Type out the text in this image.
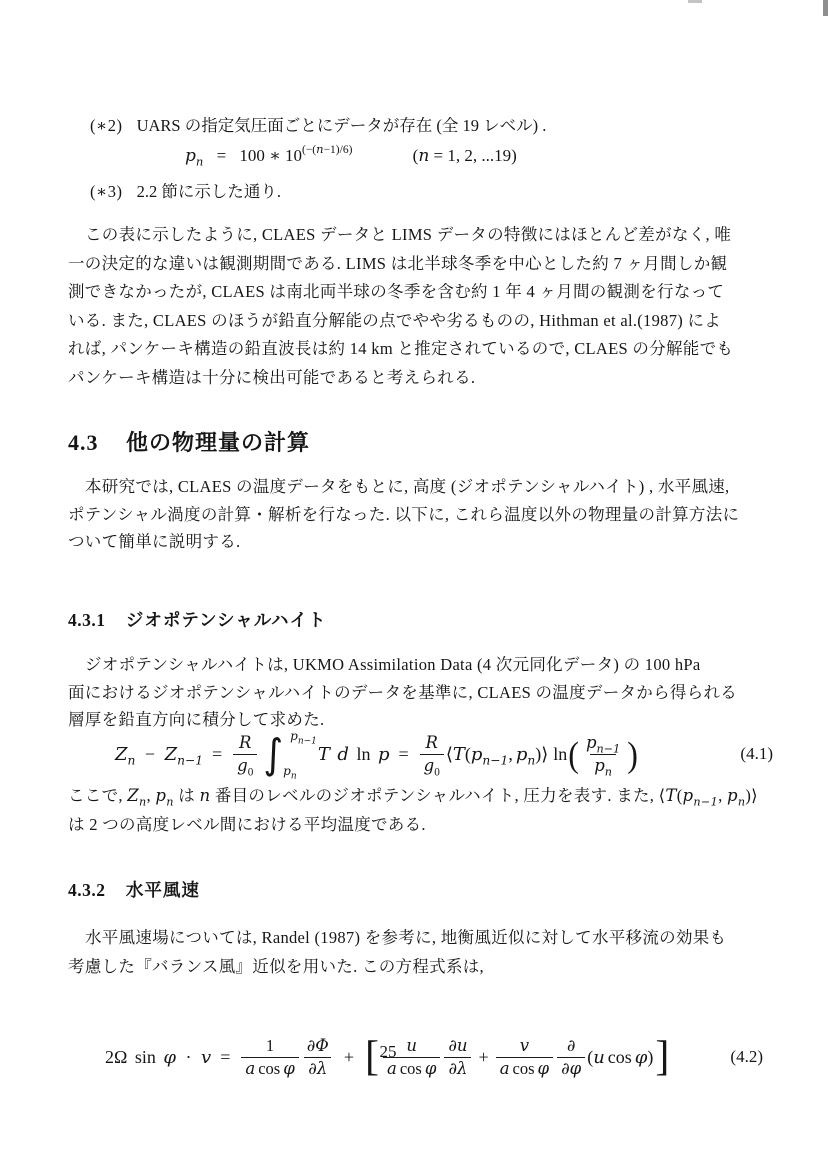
(∗2) UARS の指定気圧面ごとにデータが存在 (全 19 レベル) .
$p_n = 100$ ∗ $10^{(-(n-1)/6)}$	(n = 1, 2, ...19)
(∗3) 2.2 節に示した通り.
この表に示したように, CLAES データと LIMS データの特徴にはほとんど差がなく, 唯
一の決定的な違いは観測期間である. LIMS は北半球冬季を中心とした約 7 ヶ月間しか観
測できなかったが, CLAES は南北両半球の冬季を含む約 1 年 4 ヶ月間の観測を行なって
いる. また, CLAES のほうが鉛直分解能の点でやや劣るものの, Hithman et al.(1987) によ
れば, パンケーキ構造の鉛直波長は約 14 km と推定されているので, CLAES の分解能でも
パンケーキ構造は十分に検出可能であると考えられる.
4.3 他の物理量の計算
本研究では, CLAES の温度データをもとに, 高度 (ジオポテンシャルハイト) , 水平風速,
ポテンシャル渦度の計算・解析を行なった. 以下に, これら温度以外の物理量の計算方法に
ついて簡単に説明する.
4.3.1 ジオポテンシャルハイト
ジオポテンシャルハイトは, UKMO Assimilation Data (4 次元同化データ) の 100 hPa
面におけるジオポテンシャルハイトのデータを基準に, CLAES の温度データから得られる
層厚を鉛直方向に積分して求めた.
$Z_n - Z_{n-1} = \frac{R}{g_0}$ ∫ $p_{n-1}$
$p_n$
T d $\ln p = \frac{R}{g_0}$ $⟨T(p_{n-1}$, $p_n)⟩$ ln ( $\frac{p_{n-1}}{p_n}$ )	(4.1)
ここで, $Z_n$, $p_n$ は n 番目のレベルのジオポテンシャルハイト, 圧力を表す. また, $⟨T(p_{n-1}$, $p_n)⟩$
は 2 つの高度レベル間における平均温度である.
4.3.2 水平風速
水平風速場については, Randel (1987) を参考に, 地衡風近似に対して水平移流の効果も
考慮した『バランス風』近似を用いた. この方程式系は,
2Ω $\sin \varphi \cdot v = \frac{1}{\text{a cos φ}} \frac{\partial\Phi}{\partial\lambda}$ + [ $\frac{u}{\text{a cos φ}} \frac{\partial u}{\partial\lambda} + \frac{v}{\text{a cos φ}} \frac{\partial}{\partial\varphi} (u$ cos φ) ]	(4.2)
25
